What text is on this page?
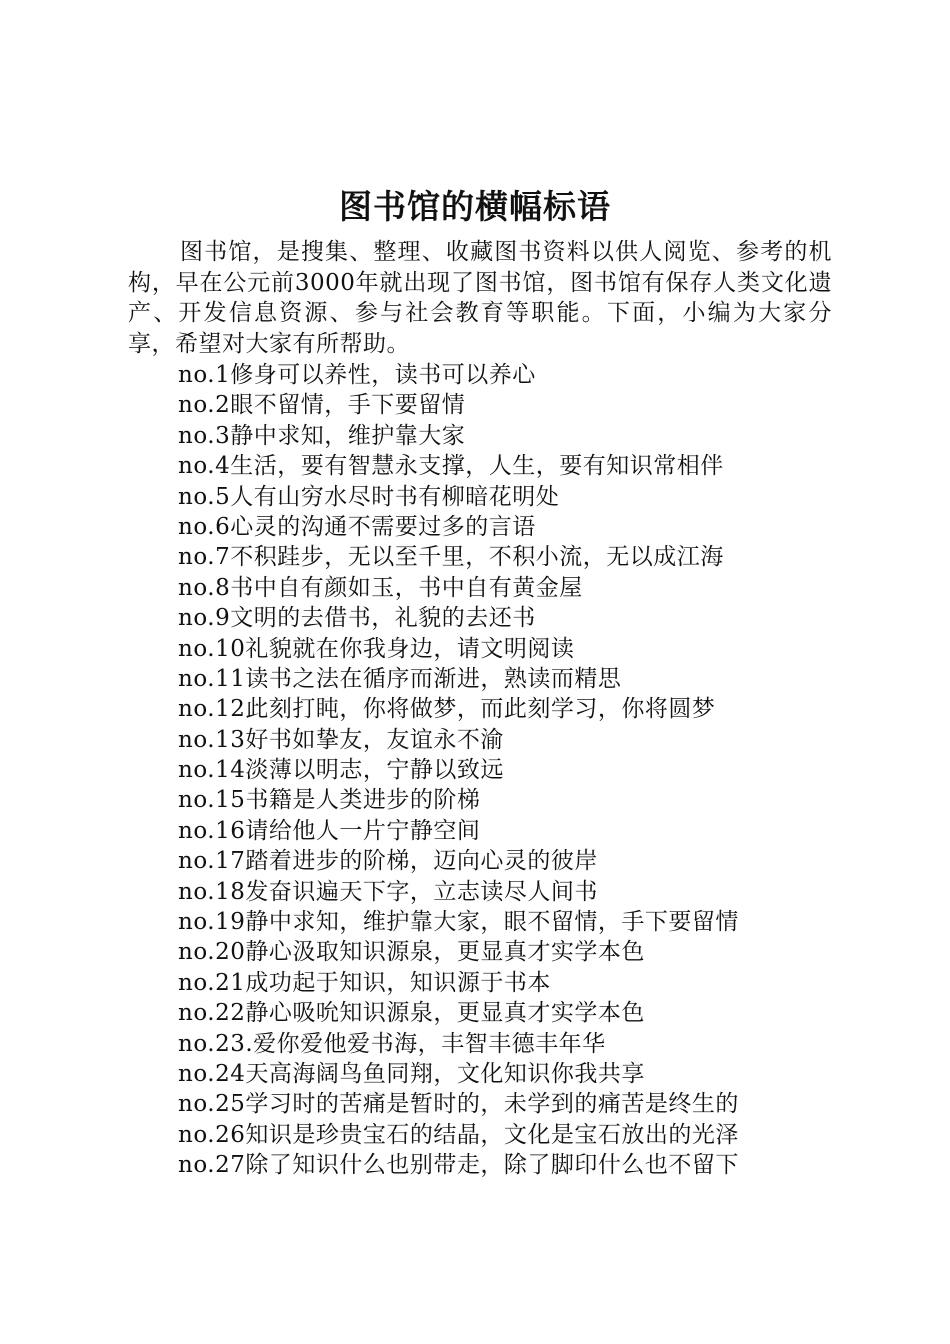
图书馆的横幅标语

图书馆，是搜集、整理、收藏图书资料以供人阅览、参考的机构，早在公元前3000年就出现了图书馆，图书馆有保存人类文化遗产、开发信息资源、参与社会教育等职能。下面，小编为大家分享，希望对大家有所帮助。

no.1修身可以养性，读书可以养心
no.2眼不留情，手下要留情
no.3静中求知，维护靠大家
no.4生活，要有智慧永支撑，人生，要有知识常相伴
no.5人有山穷水尽时书有柳暗花明处
no.6心灵的沟通不需要过多的言语
no.7不积跬步，无以至千里，不积小流，无以成江海
no.8书中自有颜如玉，书中自有黄金屋
no.9文明的去借书，礼貌的去还书
no.10礼貌就在你我身边，请文明阅读
no.11读书之法在循序而渐进，熟读而精思
no.12此刻打盹，你将做梦，而此刻学习，你将圆梦
no.13好书如挚友，友谊永不渝
no.14淡薄以明志，宁静以致远
no.15书籍是人类进步的阶梯
no.16请给他人一片宁静空间
no.17踏着进步的阶梯，迈向心灵的彼岸
no.18发奋识遍天下字，立志读尽人间书
no.19静中求知，维护靠大家，眼不留情，手下要留情
no.20静心汲取知识源泉，更显真才实学本色
no.21成功起于知识，知识源于书本
no.22静心吸吮知识源泉，更显真才实学本色
no.23.爱你爱他爱书海，丰智丰德丰年华
no.24天高海阔鸟鱼同翔，文化知识你我共享
no.25学习时的苦痛是暂时的，未学到的痛苦是终生的
no.26知识是珍贵宝石的结晶，文化是宝石放出的光泽
no.27除了知识什么也别带走，除了脚印什么也不留下
